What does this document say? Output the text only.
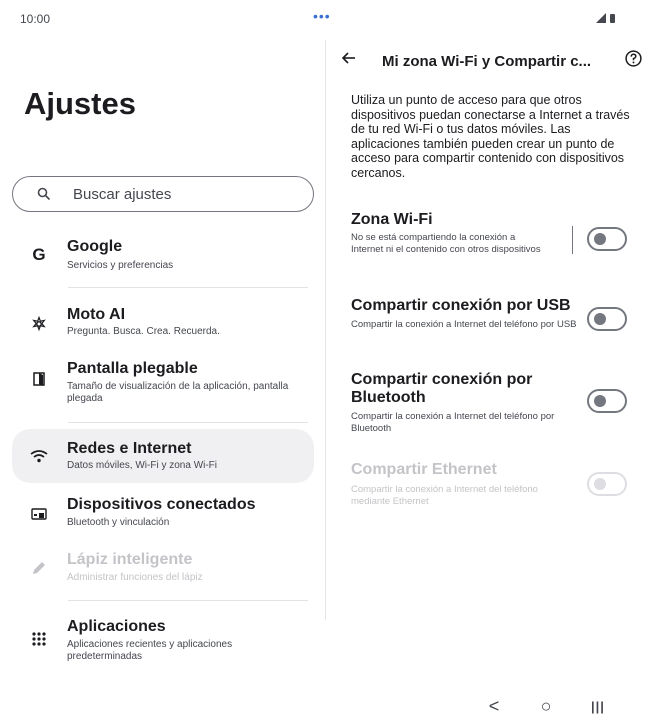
10:00	•••
Ajustes
Buscar ajustes
G Google
Servicios y preferencias
Moto AI
Pregunta. Busca. Crea. Recuerda.
Pantalla plegable
Tamaño de visualización de la aplicación, pantalla plegada
Redes e Internet
Datos móviles, Wi-Fi y zona Wi-Fi
Dispositivos conectados
Bluetooth y vinculación
Lápiz inteligente
Administrar funciones del lápiz
Aplicaciones
Aplicaciones recientes y aplicaciones predeterminadas
Mi zona Wi-Fi y Compartir c...

Utiliza un punto de acceso para que otros dispositivos puedan conectarse a Internet a través de tu red Wi-Fi o tus datos móviles. Las aplicaciones también pueden crear un punto de acceso para compartir contenido con dispositivos cercanos.

Zona Wi-Fi
No se está compartiendo la conexión a Internet ni el contenido con otros dispositivos
Compartir conexión por USB
Compartir la conexión a Internet del teléfono por USB
Compartir conexión por Bluetooth
Compartir la conexión a Internet del teléfono por Bluetooth
Compartir Ethernet
Compartir la conexión a Internet del teléfono mediante Ethernet
<	○	|||
